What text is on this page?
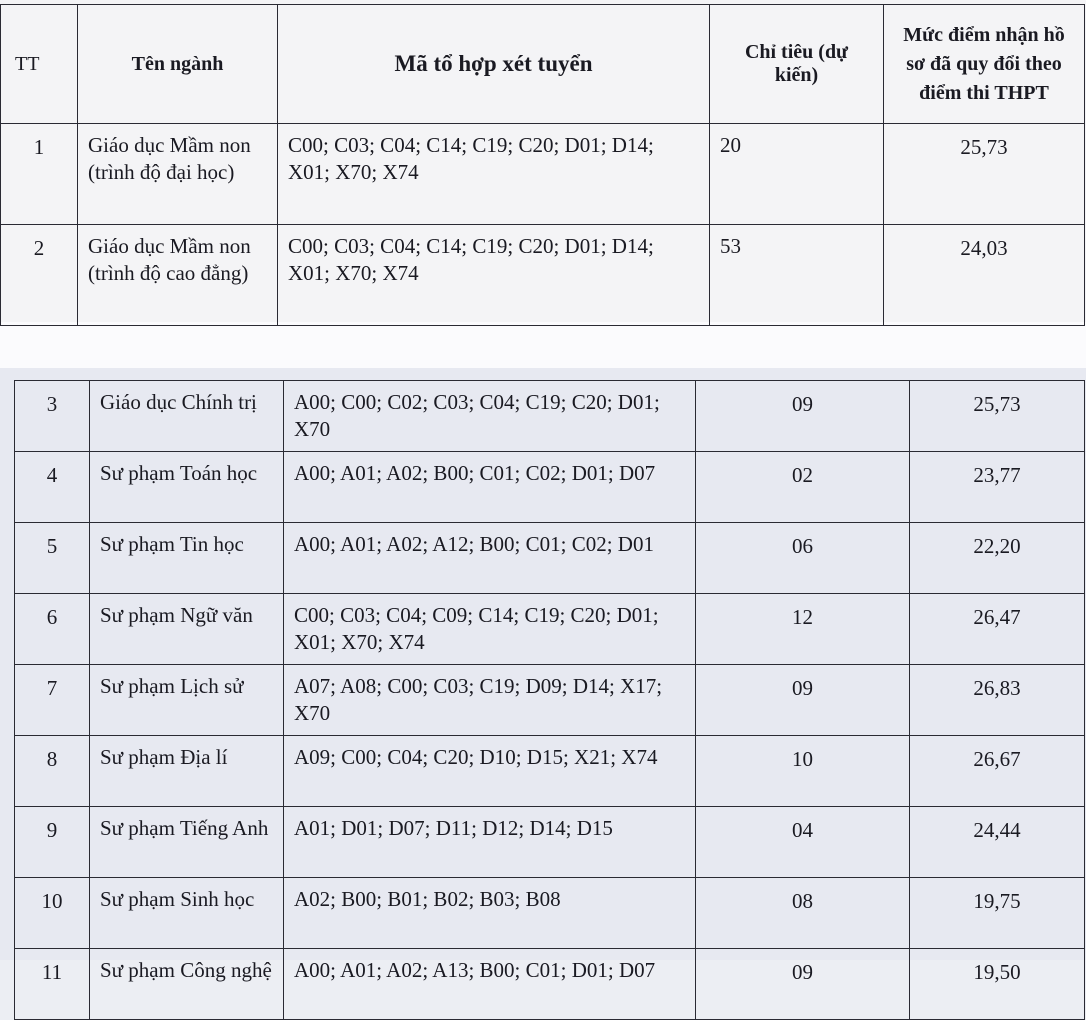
TT	Tên ngành	Mã tổ hợp xét tuyển	Chỉ tiêu (dự kiến)	Mức điểm nhận hồ sơ đã quy đổi theo điểm thi THPT
1	Giáo dục Mầm non (trình độ đại học)	C00; C03; C04; C14; C19; C20; D01; D14; X01; X70; X74	20	25,73
2	Giáo dục Mầm non (trình độ cao đẳng)	C00; C03; C04; C14; C19; C20; D01; D14; X01; X70; X74	53	24,03
3	Giáo dục Chính trị	A00; C00; C02; C03; C04; C19; C20; D01; X70	09	25,73
4	Sư phạm Toán học	A00; A01; A02; B00; C01; C02; D01; D07	02	23,77
5	Sư phạm Tin học	A00; A01; A02; A12; B00; C01; C02; D01	06	22,20
6	Sư phạm Ngữ văn	C00; C03; C04; C09; C14; C19; C20; D01; X01; X70; X74	12	26,47
7	Sư phạm Lịch sử	A07; A08; C00; C03; C19; D09; D14; X17; X70	09	26,83
8	Sư phạm Địa lí	A09; C00; C04; C20; D10; D15; X21; X74	10	26,67
9	Sư phạm Tiếng Anh	A01; D01; D07; D11; D12; D14; D15	04	24,44
10	Sư phạm Sinh học	A02; B00; B01; B02; B03; B08	08	19,75
11	Sư phạm Công nghệ	A00; A01; A02; A13; B00; C01; D01; D07	09	19,50
